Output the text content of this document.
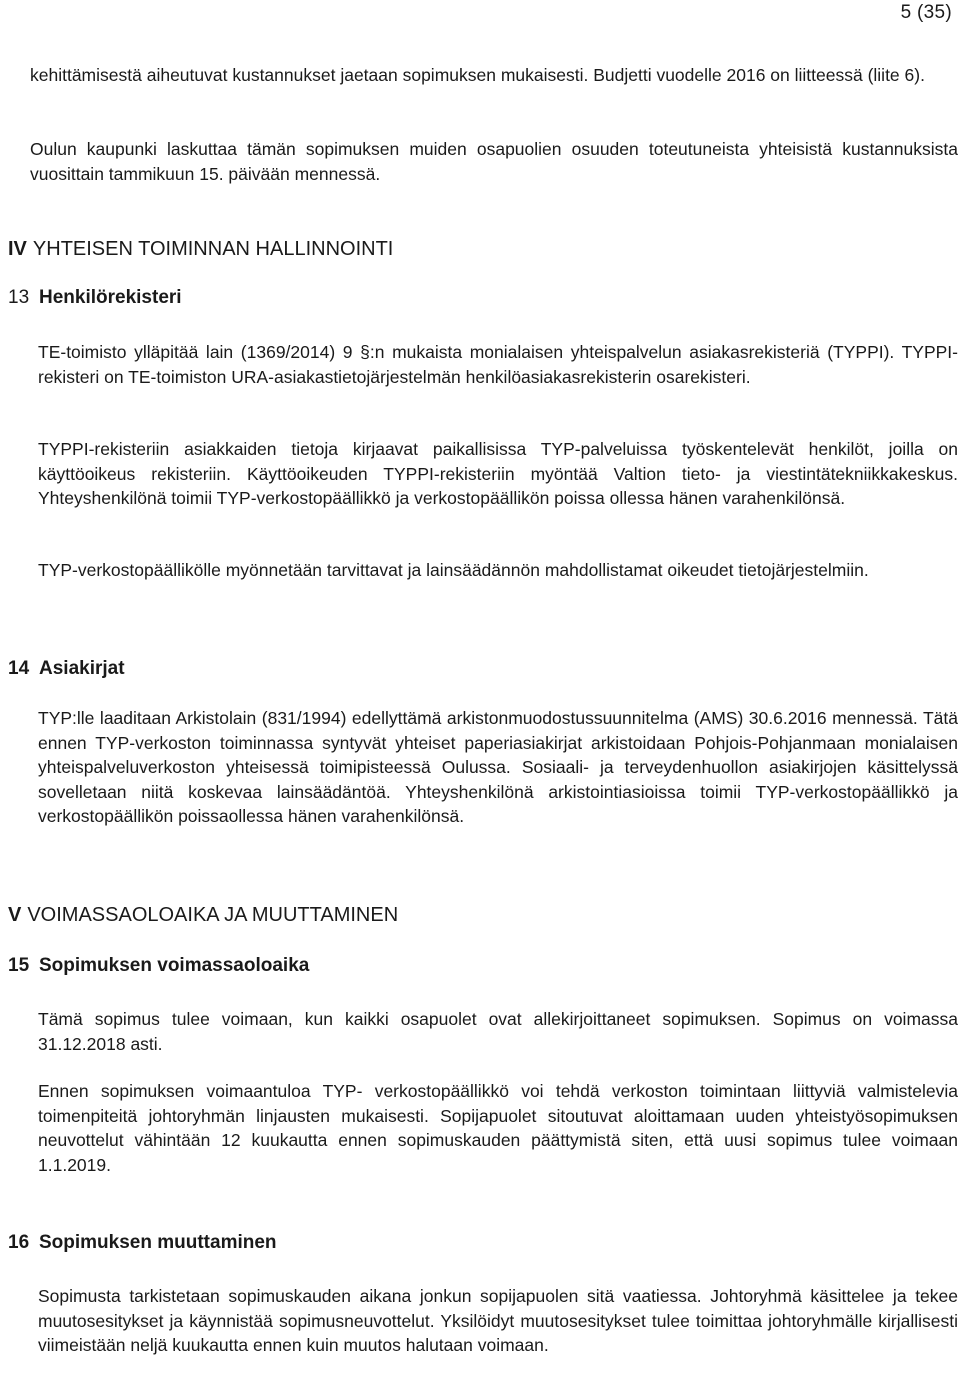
5 (35)

kehittämisestä aiheutuvat kustannukset jaetaan sopimuksen mukaisesti. Budjetti vuodelle 2016 on liitteessä (liite 6).

Oulun kaupunki laskuttaa tämän sopimuksen muiden osapuolien osuuden toteutuneista yhteisistä kustannuksista vuosittain tammikuun 15. päivään mennessä.

IV YHTEISEN TOIMINNAN HALLINNOINTI
13 Henkilörekisteri

TE-toimisto ylläpitää lain (1369/2014) 9 §:n mukaista monialaisen yhteispalvelun asiakasrekisteriä (TYPPI). TYPPI-rekisteri on TE-toimiston URA-asiakastietojärjestelmän henkilöasiakasrekisterin osarekisteri.

TYPPI-rekisteriin asiakkaiden tietoja kirjaavat paikallisissa TYP-palveluissa työskentelevät henkilöt, joilla on käyttöoikeus rekisteriin. Käyttöoikeuden TYPPI-rekisteriin myöntää Valtion tieto- ja viestintätekniikkakeskus. Yhteyshenkilönä toimii TYP-verkostopäällikkö ja verkostopäällikön poissa ollessa hänen varahenkilönsä.

TYP-verkostopäällikölle myönnetään tarvittavat ja lainsäädännön mahdollistamat oikeudet tietojärjestelmiin.

14 Asiakirjat

TYP:lle laaditaan Arkistolain (831/1994) edellyttämä arkistonmuodostussuunnitelma (AMS) 30.6.2016 mennessä. Tätä ennen TYP-verkoston toiminnassa syntyvät yhteiset paperiasiakirjat arkistoidaan Pohjois-Pohjanmaan monialaisen yhteispalveluverkoston yhteisessä toimipisteessä Oulussa. Sosiaali- ja terveydenhuollon asiakirjojen käsittelyssä sovelletaan niitä koskevaa lainsäädäntöä. Yhteyshenkilönä arkistointiasioissa toimii TYP-verkostopäällikkö ja verkostopäällikön poissaollessa hänen varahenkilönsä.

V VOIMASSAOLOAIKA JA MUUTTAMINEN
15 Sopimuksen voimassaoloaika

Tämä sopimus tulee voimaan, kun kaikki osapuolet ovat allekirjoittaneet sopimuksen. Sopimus on voimassa 31.12.2018 asti.

Ennen sopimuksen voimaantuloa TYP- verkostopäällikkö voi tehdä verkoston toimintaan liittyviä valmistelevia toimenpiteitä johtoryhmän linjausten mukaisesti. Sopijapuolet sitoutuvat aloittamaan uuden yhteistyösopimuksen neuvottelut vähintään 12 kuukautta ennen sopimuskauden päättymistä siten, että uusi sopimus tulee voimaan 1.1.2019.

16 Sopimuksen muuttaminen

Sopimusta tarkistetaan sopimuskauden aikana jonkun sopijapuolen sitä vaatiessa. Johtoryhmä käsittelee ja tekee muutosesitykset ja käynnistää sopimusneuvottelut. Yksilöidyt muutosesitykset tulee toimittaa johtoryhmälle kirjallisesti viimeistään neljä kuukautta ennen kuin muutos halutaan voimaan.
